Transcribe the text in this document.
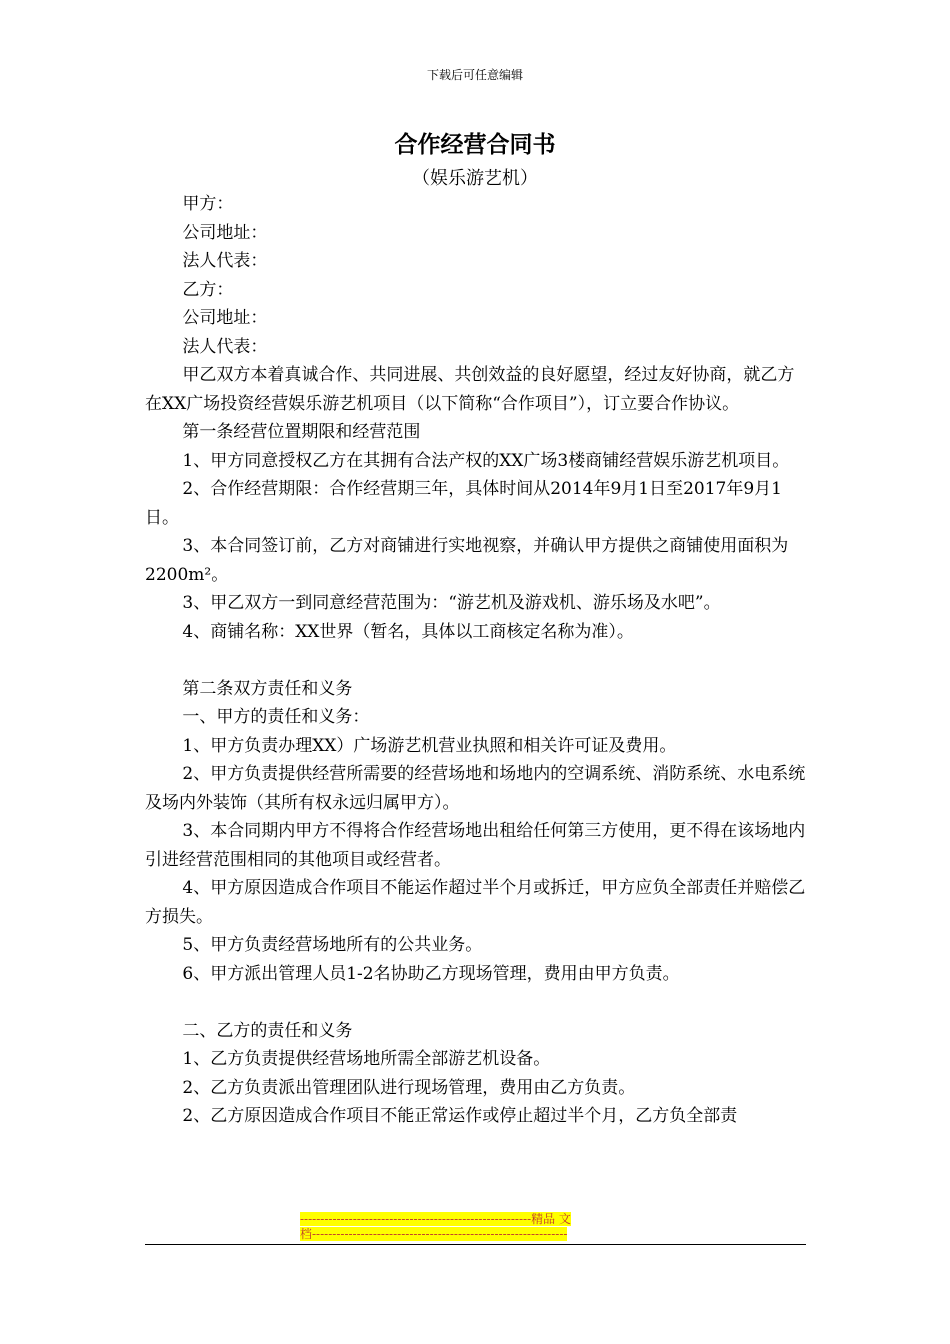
下载后可任意编辑
合作经营合同书
（娱乐游艺机）

甲方：

公司地址：

法人代表：

乙方：

公司地址：

法人代表：

甲乙双方本着真诚合作、共同进展、共创效益的良好愿望，经过友好协商，就乙方在XX广场投资经营娱乐游艺机项目（以下简称“合作项目”），订立要合作协议。

第一条经营位置期限和经营范围

1、甲方同意授权乙方在其拥有合法产权的XX广场3楼商铺经营娱乐游艺机项目。

2、合作经营期限：合作经营期三年，具体时间从2014年9月1日至2017年9月1日。

3、本合同签订前，乙方对商铺进行实地视察，并确认甲方提供之商铺使用面积为2200m²。

3、甲乙双方一到同意经营范围为：“游艺机及游戏机、游乐场及水吧”。

4、商铺名称：XX世界（暂名，具体以工商核定名称为准）。

第二条双方责任和义务

一、甲方的责任和义务：

1、甲方负责办理XX）广场游艺机营业执照和相关许可证及费用。

2、甲方负责提供经营所需要的经营场地和场地内的空调系统、消防系统、水电系统及场内外装饰（其所有权永远归属甲方）。

3、本合同期内甲方不得将合作经营场地出租给任何第三方使用，更不得在该场地内引进经营范围相同的其他项目或经营者。

4、甲方原因造成合作项目不能运作超过半个月或拆迁，甲方应负全部责任并赔偿乙方损失。

5、甲方负责经营场地所有的公共业务。

6、甲方派出管理人员1-2名协助乙方现场管理，费用由甲方负责。

二、乙方的责任和义务

1、乙方负责提供经营场地所需全部游艺机设备。

2、乙方负责派出管理团队进行现场管理，费用由乙方负责。

2、乙方原因造成合作项目不能正常运作或停止超过半个月，乙方负全部责

---------------------------------------------------------精品 文
档---------------------------------------------------------------
